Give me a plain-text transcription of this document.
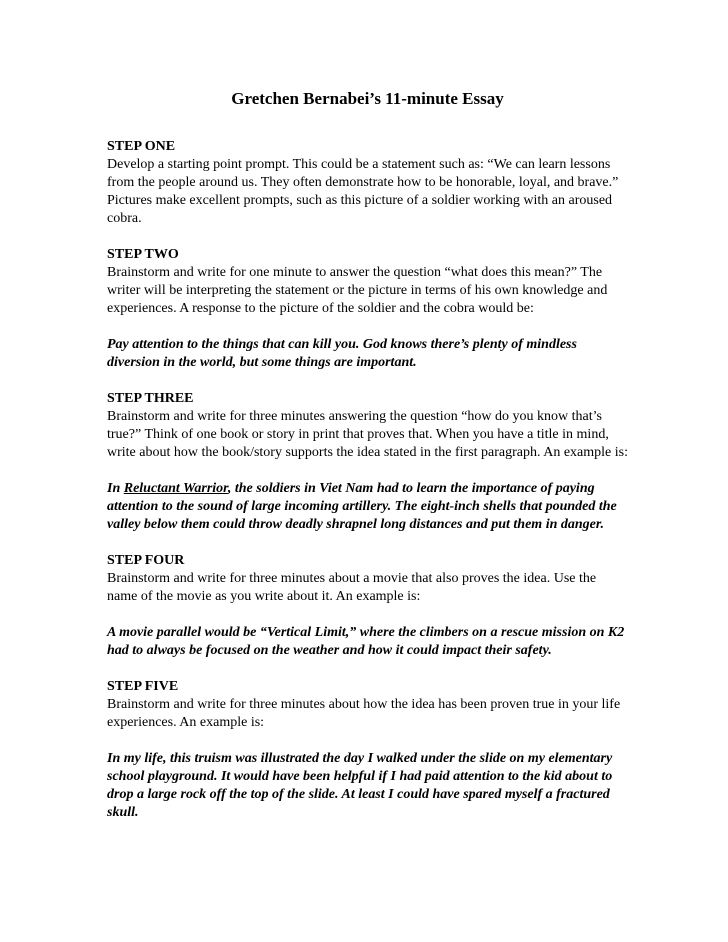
Gretchen Bernabei’s 11-minute Essay

STEP ONE

Develop a starting point prompt. This could be a statement such as: “We can learn lessons from the people around us. They often demonstrate how to be honorable, loyal, and brave.” Pictures make excellent prompts, such as this picture of a soldier working with an aroused cobra.

STEP TWO

Brainstorm and write for one minute to answer the question “what does this mean?” The writer will be interpreting the statement or the picture in terms of his own knowledge and experiences. A response to the picture of the soldier and the cobra would be:

Pay attention to the things that can kill you. God knows there’s plenty of mindless diversion in the world, but some things are important.

STEP THREE

Brainstorm and write for three minutes answering the question “how do you know that’s true?” Think of one book or story in print that proves that. When you have a title in mind, write about how the book/story supports the idea stated in the first paragraph. An example is:

In Reluctant Warrior, the soldiers in Viet Nam had to learn the importance of paying attention to the sound of large incoming artillery. The eight-inch shells that pounded the valley below them could throw deadly shrapnel long distances and put them in danger.

STEP FOUR

Brainstorm and write for three minutes about a movie that also proves the idea. Use the name of the movie as you write about it. An example is:

A movie parallel would be “Vertical Limit,” where the climbers on a rescue mission on K2 had to always be focused on the weather and how it could impact their safety.

STEP FIVE

Brainstorm and write for three minutes about how the idea has been proven true in your life experiences. An example is:

In my life, this truism was illustrated the day I walked under the slide on my elementary school playground. It would have been helpful if I had paid attention to the kid about to drop a large rock off the top of the slide. At least I could have spared myself a fractured skull.
